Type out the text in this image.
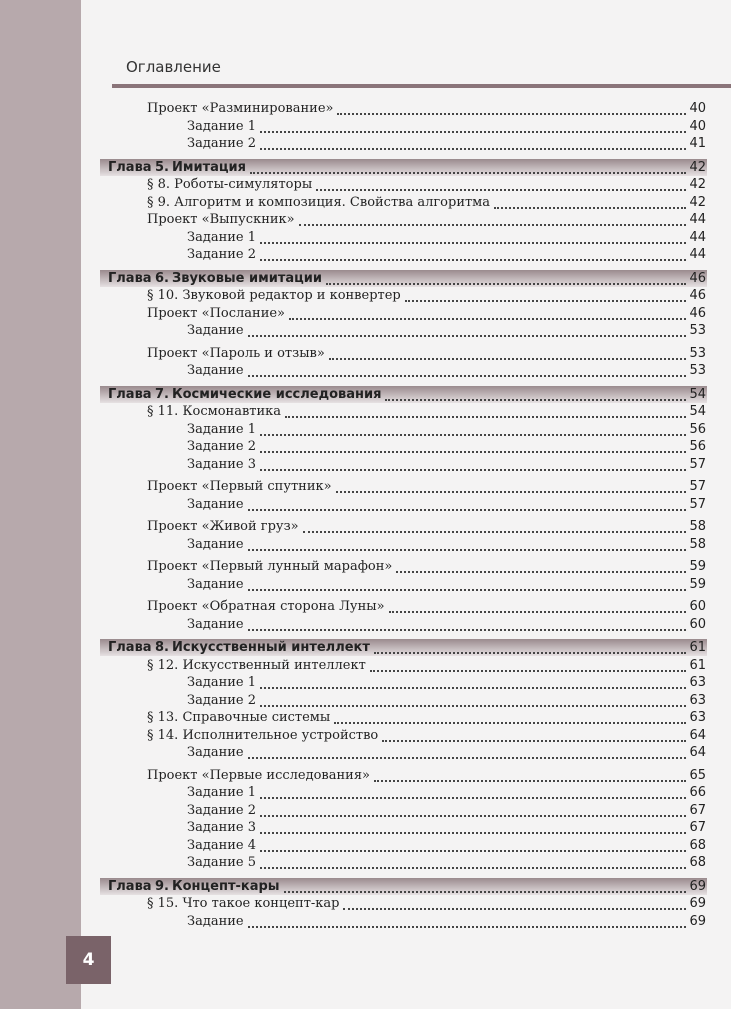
Оглавление
Проект «Разминирование»	40
Задание 1	40
Задание 2	41
Глава 5. Имитация	42
§ 8. Роботы-симуляторы	42
§ 9. Алгоритм и композиция. Свойства алгоритма	42
Проект «Выпускник»	44
Задание 1	44
Задание 2	44
Глава 6. Звуковые имитации	46
§ 10. Звуковой редактор и конвертер	46
Проект «Послание»	46
Задание	53
Проект «Пароль и отзыв»	53
Задание	53
Глава 7. Космические исследования	54
§ 11. Космонавтика	54
Задание 1	56
Задание 2	56
Задание 3	57
Проект «Первый спутник»	57
Задание	57
Проект «Живой груз»	58
Задание	58
Проект «Первый лунный марафон»	59
Задание	59
Проект «Обратная сторона Луны»	60
Задание	60
Глава 8. Искусственный интеллект	61
§ 12. Искусственный интеллект	61
Задание 1	63
Задание 2	63
§ 13. Справочные системы	63
§ 14. Исполнительное устройство	64
Задание	64
Проект «Первые исследования»	65
Задание 1	66
Задание 2	67
Задание 3	67
Задание 4	68
Задание 5	68
Глава 9. Концепт-кары	69
§ 15. Что такое концепт-кар	69
Задание	69
4
